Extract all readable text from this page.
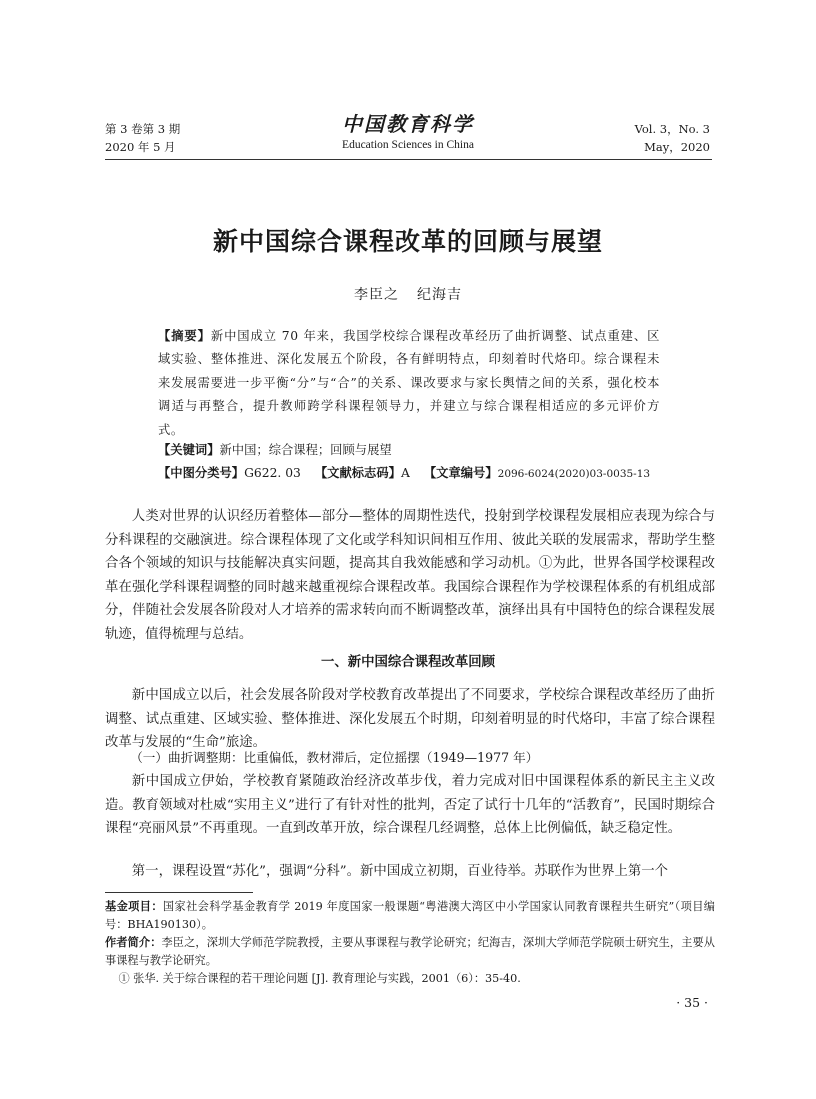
第 3 卷第 3 期
2020 年 5 月
中国教育科学
Education Sciences in China
Vol. 3，No. 3
May，2020
新中国综合课程改革的回顾与展望
李臣之 纪海吉
【摘要】新中国成立 70 年来，我国学校综合课程改革经历了曲折调整、试点重建、区域实验、整体推进、深化发展五个阶段，各有鲜明特点，印刻着时代烙印。综合课程未来发展需要进一步平衡“分”与“合”的关系、课改要求与家长舆情之间的关系，强化校本调适与再整合，提升教师跨学科课程领导力，并建立与综合课程相适应的多元评价方式。
【关键词】新中国；综合课程；回顾与展望
【中图分类号】G622. 03 【文献标志码】A 【文章编号】2096-6024(2020)03-0035-13

人类对世界的认识经历着整体—部分—整体的周期性迭代，投射到学校课程发展相应表现为综合与分科课程的交融演进。综合课程体现了文化或学科知识间相互作用、彼此关联的发展需求，帮助学生整合各个领域的知识与技能解决真实问题，提高其自我效能感和学习动机。①为此，世界各国学校课程改革在强化学科课程调整的同时越来越重视综合课程改革。我国综合课程作为学校课程体系的有机组成部分，伴随社会发展各阶段对人才培养的需求转向而不断调整改革，演绎出具有中国特色的综合课程发展轨迹，值得梳理与总结。

一、新中国综合课程改革回顾

新中国成立以后，社会发展各阶段对学校教育改革提出了不同要求，学校综合课程改革经历了曲折调整、试点重建、区域实验、整体推进、深化发展五个时期，印刻着明显的时代烙印，丰富了综合课程改革与发展的“生命”旅途。

（一）曲折调整期：比重偏低，教材滞后，定位摇摆（1949—1977 年）

新中国成立伊始，学校教育紧随政治经济改革步伐，着力完成对旧中国课程体系的新民主主义改造。教育领域对杜威“实用主义”进行了有针对性的批判，否定了试行十几年的“活教育”，民国时期综合课程“亮丽风景”不再重现。一直到改革开放，综合课程几经调整，总体上比例偏低，缺乏稳定性。

第一，课程设置“苏化”，强调“分科”。新中国成立初期，百业待举。苏联作为世界上第一个

基金项目：国家社会科学基金教育学 2019 年度国家一般课题“粤港澳大湾区中小学国家认同教育课程共生研究”（项目编号：BHA190130）。
作者简介：李臣之，深圳大学师范学院教授，主要从事课程与教学论研究；纪海吉，深圳大学师范学院硕士研究生，主要从事课程与教学论研究。
① 张华. 关于综合课程的若干理论问题 [J]. 教育理论与实践，2001（6）：35-40.
· 35 ·
